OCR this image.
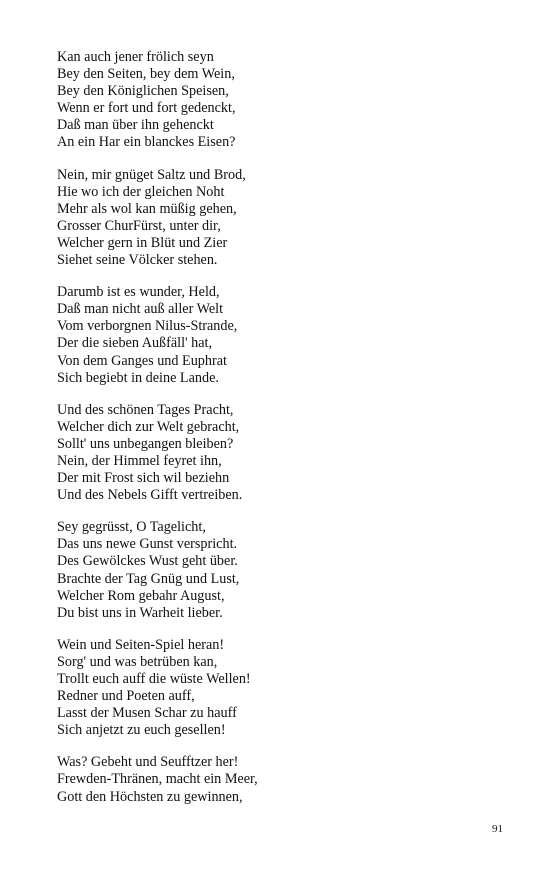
Kan auch jener frölich seyn
Bey den Seiten, bey dem Wein,
Bey den Königlichen Speisen,
Wenn er fort und fort gedenckt,
Daß man über ihn gehenckt
An ein Har ein blanckes Eisen?
Nein, mir gnüget Saltz und Brod,
Hie wo ich der gleichen Noht
Mehr als wol kan müßig gehen,
Grosser ChurFürst, unter dir,
Welcher gern in Blüt und Zier
Siehet seine Völcker stehen.
Darumb ist es wunder, Held,
Daß man nicht auß aller Welt
Vom verborgnen Nilus-Strande,
Der die sieben Außfäll' hat,
Von dem Ganges und Euphrat
Sich begiebt in deine Lande.
Und des schönen Tages Pracht,
Welcher dich zur Welt gebracht,
Sollt' uns unbegangen bleiben?
Nein, der Himmel feyret ihn,
Der mit Frost sich wil beziehn
Und des Nebels Gifft vertreiben.
Sey gegrüsst, O Tagelicht,
Das uns newe Gunst verspricht.
Des Gewölckes Wust geht über.
Brachte der Tag Gnüg und Lust,
Welcher Rom gebahr August,
Du bist uns in Warheit lieber.
Wein und Seiten-Spiel heran!
Sorg' und was betrüben kan,
Trollt euch auff die wüste Wellen!
Redner und Poeten auff,
Lasst der Musen Schar zu hauff
Sich anjetzt zu euch gesellen!
Was? Gebeht und Seufftzer her!
Frewden-Thränen, macht ein Meer,
Gott den Höchsten zu gewinnen,
91
